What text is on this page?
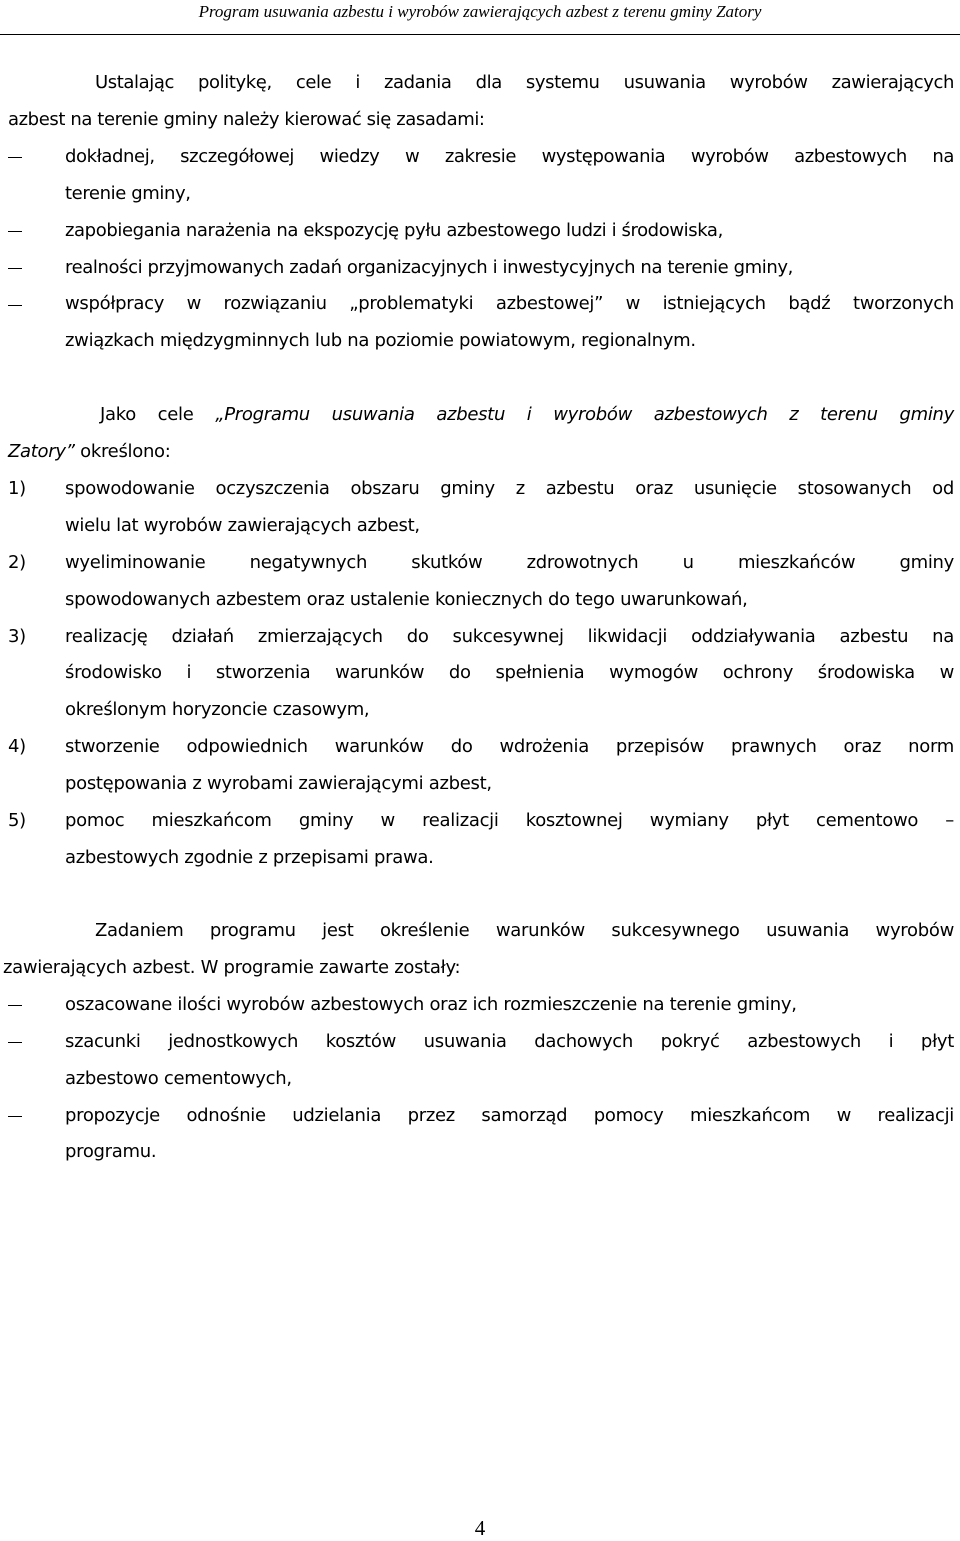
Program usuwania azbestu i wyrobów zawierających azbest z terenu gminy Zatory
Ustalając politykę, cele i zadania dla systemu usuwania wyrobów zawierających
azbest na terenie gminy należy kierować się zasadami:
dokładnej, szczegółowej wiedzy w zakresie występowania wyrobów azbestowych na
terenie gminy,
zapobiegania narażenia na ekspozycję pyłu azbestowego ludzi i środowiska,
realności przyjmowanych zadań organizacyjnych i inwestycyjnych na terenie gminy,
współpracy w rozwiązaniu „problematyki azbestowej” w istniejących bądź tworzonych
związkach międzygminnych lub na poziomie powiatowym, regionalnym.
Jako cele „Programu usuwania azbestu i wyrobów azbestowych z terenu gminy
Zatory” określono:
1) spowodowanie oczyszczenia obszaru gminy z azbestu oraz usunięcie stosowanych od
wielu lat wyrobów zawierających azbest,
2) wyeliminowanie negatywnych skutków zdrowotnych u mieszkańców gminy
spowodowanych azbestem oraz ustalenie koniecznych do tego uwarunkowań,
3) realizację działań zmierzających do sukcesywnej likwidacji oddziaływania azbestu na
środowisko i stworzenia warunków do spełnienia wymogów ochrony środowiska w
określonym horyzoncie czasowym,
4) stworzenie odpowiednich warunków do wdrożenia przepisów prawnych oraz norm
postępowania z wyrobami zawierającymi azbest,
5) pomoc mieszkańcom gminy w realizacji kosztownej wymiany płyt cementowo –
azbestowych zgodnie z przepisami prawa.
Zadaniem programu jest określenie warunków sukcesywnego usuwania wyrobów
zawierających azbest. W programie zawarte zostały:
oszacowane ilości wyrobów azbestowych oraz ich rozmieszczenie na terenie gminy,
szacunki jednostkowych kosztów usuwania dachowych pokryć azbestowych i płyt
azbestowo cementowych,
propozycje odnośnie udzielania przez samorząd pomocy mieszkańcom w realizacji
programu.
4
